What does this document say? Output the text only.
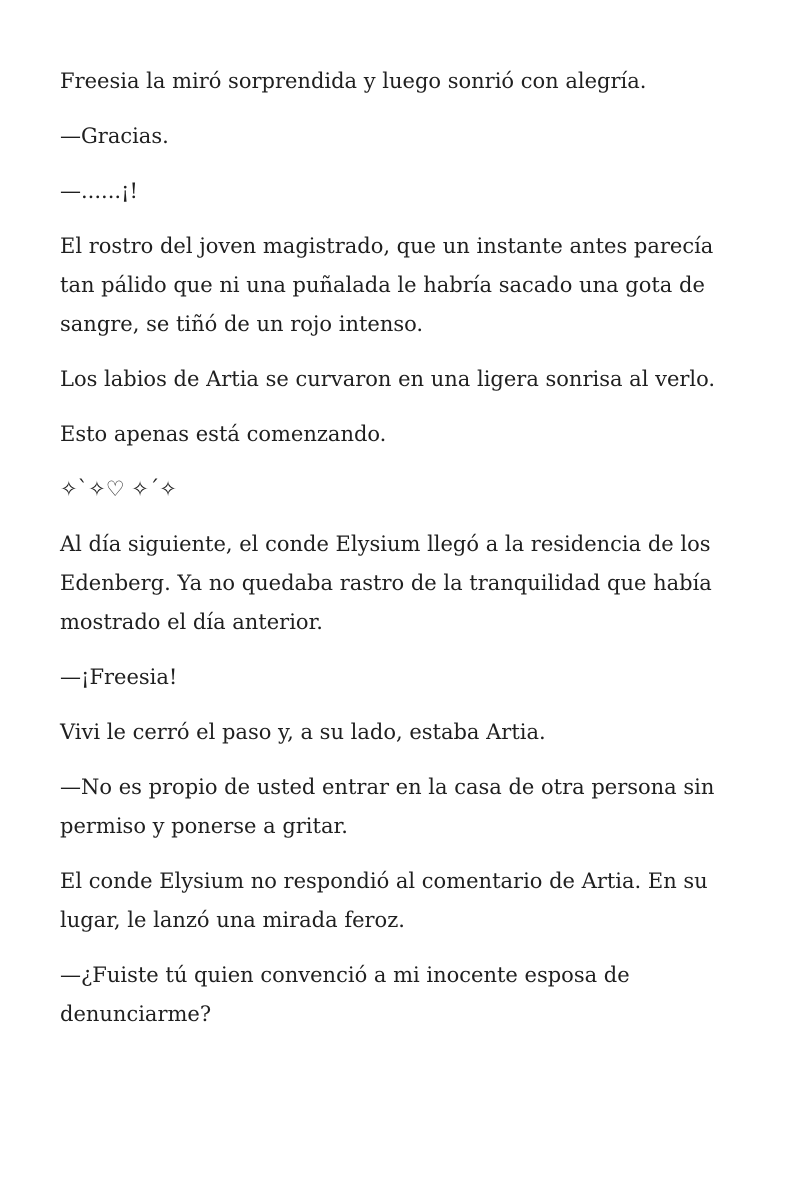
Freesia la miró sorprendida y luego sonrió con alegría.

—Gracias.

—......¡!

El rostro del joven magistrado, que un instante antes parecía tan pálido que ni una puñalada le habría sacado una gota de sangre, se tiñó de un rojo intenso.

Los labios de Artia se curvaron en una ligera sonrisa al verlo.

Esto apenas está comenzando.

✧`✧♡ ✧´✧

Al día siguiente, el conde Elysium llegó a la residencia de los Edenberg. Ya no quedaba rastro de la tranquilidad que había mostrado el día anterior.

—¡Freesia!

Vivi le cerró el paso y, a su lado, estaba Artia.

—No es propio de usted entrar en la casa de otra persona sin permiso y ponerse a gritar.

El conde Elysium no respondió al comentario de Artia. En su lugar, le lanzó una mirada feroz.

—¿Fuiste tú quien convenció a mi inocente esposa de denunciarme?
